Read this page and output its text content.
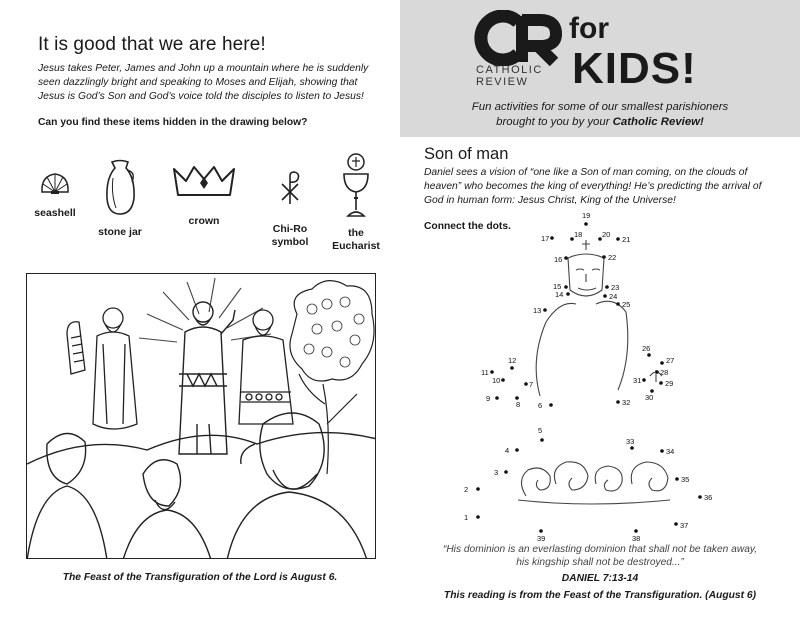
It is good that we are here!
Jesus takes Peter, James and John up a mountain where he is suddenly seen dazzlingly bright and speaking to Moses and Elijah, showing that Jesus is God’s Son and God’s voice told the disciples to listen to Jesus!
Can you find these items hidden in the drawing below?
seashell
stone jar
crown
Chi-Ro
symbol
the
Eucharist
The Feast of the Transfiguration of the Lord is August 6.
CATHOLIC
REVIEW
for
KIDS!
Fun activities for some of our smallest parishioners
brought to you by your Catholic Review!
Son of man
Daniel sees a vision of “one like a Son of man coming, on the clouds of heaven” who becomes the king of everything! He’s predicting the arrival of God in human form: Jesus Christ, King of the Universe!
Connect the dots.
1
2
3
4
5
6
7
8
9
10
11
12
13
14
15
16
17	18
19
20
21
22
23
24
25
26
27
28
29
30
31
32
33
34
35
36
37
38
39
“His dominion is an everlasting dominion that shall not be taken away,
his kingship shall not be destroyed...”
DANIEL 7:13-14
This reading is from the Feast of the Transfiguration. (August 6)
